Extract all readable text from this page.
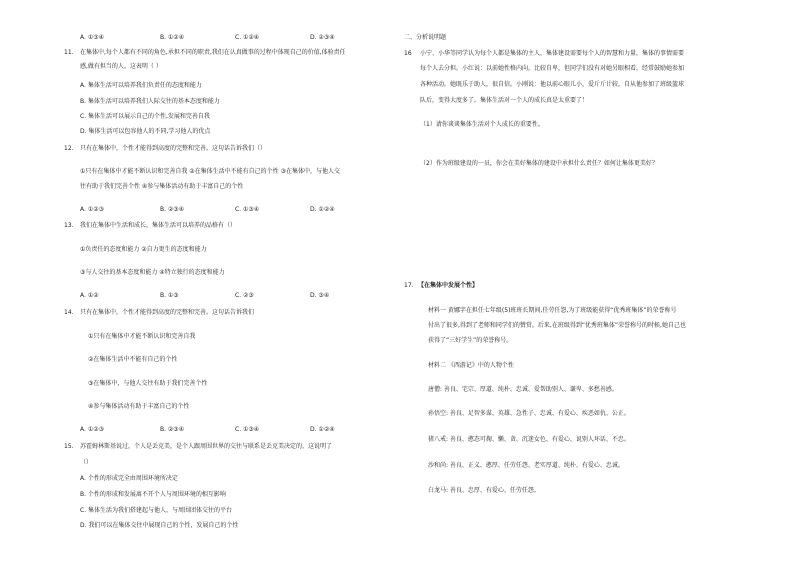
A. ①③④	B. ①②④	C. ①②④	D. ②③④
11. 在集体中,每个人都有不同的角色,承担不同的职责,我们在认真做事的过程中体现自己的价值,体验责任
感,做有担当的人。这表明（ ）
A. 集体生活可以培养我们负责任的态度和能力
B. 集体生活可以培养我们人际交往的基本态度和能力
C. 集体生活可以展示自己的个性,发展和完善自我
D. 集体生活可以包容他人的不同,学习他人的优点
12. 只有在集体中，个性才能得到高度的完整和完善。这句话告诉我们（）
①只有在集体中才能不断认识和完善自我 ②在集体生活中不能有自己的个性 ③在集体中，与他人交
往有助于我们完善个性 ④参与集体活动有助于丰富自己的个性
A. ①②③	B. ②③④	C. ①③④	D. ①②④
13. 我们在集体中生活和成长，集体生活可以培养的品格有（）
①负责任的态度和能力 ②自力更生的态度和能力
③与人交往的基本态度和能力 ④特立独行的态度和能力
A. ①②	B. ①③	C. ②③	D. ③④
14. 只有在集体中，个性才能得到高度的完整和完善。这句话告诉我们
①只有在集体中才能不断认识和完善自我
②在集体生活中不能有自己的个性
③在集体中，与他人交往有助于我们完善个性
④参与集体活动有助于丰富自己的个性
A. ①②③	B. ②③④	C. ①③④	D. ①②④
15. 苏霍姆林斯基说过，个人是丢克美，是个人跟周围世界的交往与联系是丢克美决定的。这说明了
（）
A. 个性的形成完全由周围环境所决定
B. 个性的形成和发展离不开个人与周围环境的相互影响
C. 集体生活为我们搭建起与他人、与周围团体交往的平台
D. 我们可以在集体交往中展现自己的个性，发展自己的个性
二、分析说明题
16 小宁、小华等同学认为每个人都是集体的主人，集体建设需要每个人的智慧和力量，集体的事情需要
每个人去分担。小红说：以前她性格内向，比较自卑，但同学们没有对她另眼相看，经常鼓励她参加
各种活动。她既乐于助人，很自信。小刚说：他以前心眼儿小，爱斤斤计较，自从他参加了班级篮球
队后，变得大度多了。集体生活对一个人的成长真是太重要了！
（1）请你谈谈集体生活对个人成长的重要性。
（2）作为班级建设的一员，你会在美好集体的建设中承担什么责任？如何让集体更美好？
17. 【在集体中发展个性】
材料一 黄娜字在担任七年级(5)班班长期间,任劳任怨,为了班级能获得“优秀班集体”的荣誉称号
付出了很多,得到了老师和同学们的赞赏。后来,在班级得到“优秀班集体”荣誉称号的时候,她自己也
获得了“三好学生”的荣誉称号。
材料二 《西游记》中的人物个性
唐僧: 善良、宅宗、厚道、纯朴、忠诚、爱帮助别人、谦卑、多愁善感。
孙悟空: 善良、足智多谋、英雄、急性子、忠诚、有爱心、疾恶如仇、公正。
猪八戒: 善良、憨态可掬、懒、贪、沉迷女色、有爱心、说别人坏话、不忠。
沙和尚: 善良、正义、憨厚、任劳任怨、老实厚道、纯朴、有爱心、忠诚。
白龙马: 善良、忠厚、有爱心、任劳任怨。
